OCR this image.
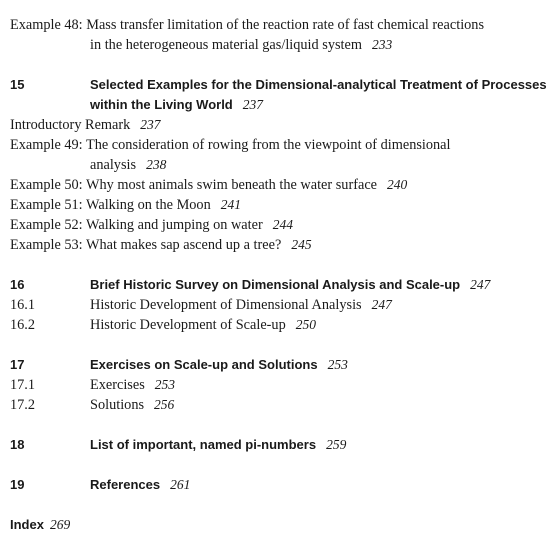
Example 48: Mass transfer limitation of the reaction rate of fast chemical reactions
in the heterogeneous material gas/liquid system 233
15	Selected Examples for the Dimensional-analytical Treatment of Processes
within the Living World 237
Introductory Remark 237
Example 49: The consideration of rowing from the viewpoint of dimensional
analysis 238
Example 50: Why most animals swim beneath the water surface 240
Example 51: Walking on the Moon 241
Example 52: Walking and jumping on water 244
Example 53: What makes sap ascend up a tree? 245
16	Brief Historic Survey on Dimensional Analysis and Scale-up 247
16.1	Historic Development of Dimensional Analysis 247
16.2	Historic Development of Scale-up 250
17	Exercises on Scale-up and Solutions 253
17.1	Exercises 253
17.2	Solutions 256
18	List of important, named pi-numbers 259
19	References 261
Index 269
